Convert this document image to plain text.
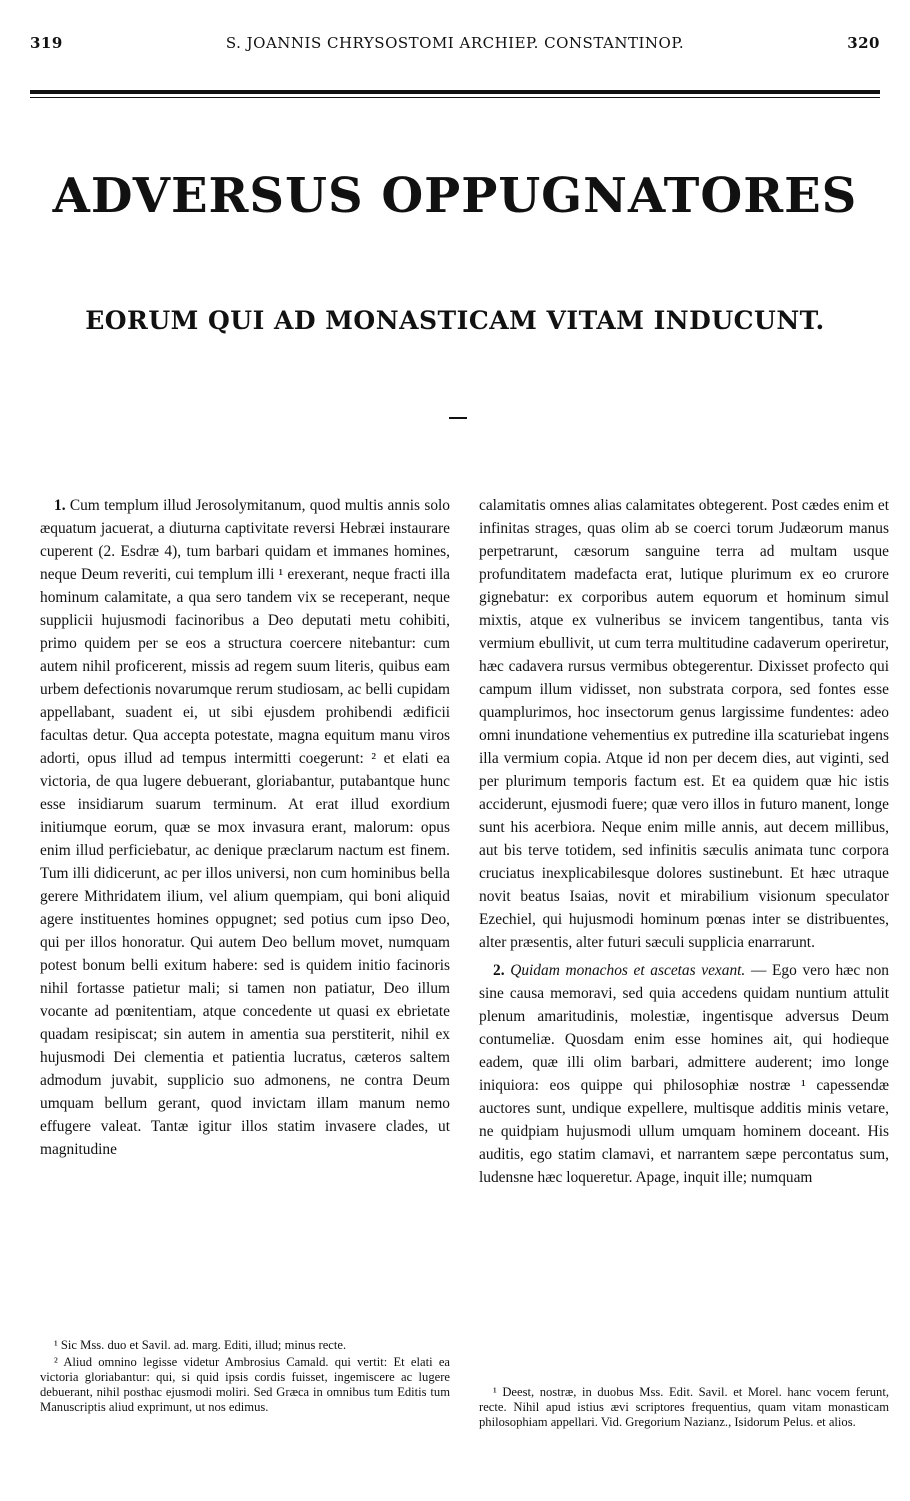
319	S. JOANNIS CHRYSOSTOMI ARCHIEP. CONSTANTINOP.	320
ADVERSUS OPPUGNATORES
EORUM QUI AD MONASTICAM VITAM INDUCUNT.

1. Cum templum illud Jerosolymitanum, quod multis annis solo æquatum jacuerat, a diuturna captivitate reversi Hebræi instaurare cuperent (2. Esdræ 4), tum barbari quidam et immanes homines, neque Deum reveriti, cui templum illi ¹ erexerant, neque fracti illa hominum calamitate, a qua sero tandem vix se receperant, neque supplicii hujusmodi facinoribus a Deo deputati metu cohibiti, primo quidem per se eos a structura coercere nitebantur: cum autem nihil proficerent, missis ad regem suum literis, quibus eam urbem defectionis novarumque rerum studiosam, ac belli cupidam appellabant, suadent ei, ut sibi ejusdem prohibendi ædificii facultas detur. Qua accepta potestate, magna equitum manu viros adorti, opus illud ad tempus intermitti coegerunt: ² et elati ea victoria, de qua lugere debuerant, gloriabantur, putabantque hunc esse insidiarum suarum terminum. At erat illud exordium initiumque eorum, quæ se mox invasura erant, malorum: opus enim illud perficiebatur, ac denique præclarum nactum est finem. Tum illi didicerunt, ac per illos universi, non cum hominibus bella gerere Mithridatem ilium, vel alium quempiam, qui boni aliquid agere instituentes homines oppugnet; sed potius cum ipso Deo, qui per illos honoratur. Qui autem Deo bellum movet, numquam potest bonum belli exitum habere: sed is quidem initio facinoris nihil fortasse patietur mali; si tamen non patiatur, Deo illum vocante ad pœnitentiam, atque concedente ut quasi ex ebrietate quadam resipiscat; sin autem in amentia sua perstiterit, nihil ex hujusmodi Dei clementia et patientia lucratus, cæteros saltem admodum juvabit, supplicio suo admonens, ne contra Deum umquam bellum gerant, quod invictam illam manum nemo effugere valeat. Tantæ igitur illos statim invasere clades, ut magnitudine

calamitatis omnes alias calamitates obtegerent. Post cædes enim et infinitas strages, quas olim ab se coerci torum Judæorum manus perpetrarunt, cæsorum sanguine terra ad multam usque profunditatem madefacta erat, lutique plurimum ex eo crurore gignebatur: ex corporibus autem equorum et hominum simul mixtis, atque ex vulneribus se invicem tangentibus, tanta vis vermium ebullivit, ut cum terra multitudine cadaverum operiretur, hæc cadavera rursus vermibus obtegerentur. Dixisset profecto qui campum illum vidisset, non substrata corpora, sed fontes esse quamplurimos, hoc insectorum genus largissime fundentes: adeo omni inundatione vehementius ex putredine illa scaturiebat ingens illa vermium copia. Atque id non per decem dies, aut viginti, sed per plurimum temporis factum est. Et ea quidem quæ hic istis acciderunt, ejusmodi fuere; quæ vero illos in futuro manent, longe sunt his acerbiora. Neque enim mille annis, aut decem millibus, aut bis terve totidem, sed infinitis sæculis animata tunc corpora cruciatus inexplicabilesque dolores sustinebunt. Et hæc utraque novit beatus Isaias, novit et mirabilium visionum speculator Ezechiel, qui hujusmodi hominum pœnas inter se distribuentes, alter præsentis, alter futuri sæculi supplicia enarrarunt.

2. Quidam monachos et ascetas vexant. — Ego vero hæc non sine causa memoravi, sed quia accedens quidam nuntium attulit plenum amaritudinis, molestiæ, ingentisque adversus Deum contumeliæ. Quosdam enim esse homines ait, qui hodieque eadem, quæ illi olim barbari, admittere auderent; imo longe iniquiora: eos quippe qui philosophiæ nostræ ¹ capessendæ auctores sunt, undique expellere, multisque additis minis vetare, ne quidpiam hujusmodi ullum umquam hominem doceant. His auditis, ego statim clamavi, et narrantem sæpe percontatus sum, ludensne hæc loqueretur. Apage, inquit ille; numquam

¹ Sic Mss. duo et Savil. ad. marg. Editi, illud; minus recte.

² Aliud omnino legisse videtur Ambrosius Camald. qui vertit: Et elati ea victoria gloriabantur: qui, si quid ipsis cordis fuisset, ingemiscere ac lugere debuerant, nihil posthac ejusmodi moliri. Sed Græca in omnibus tum Editis tum Manuscriptis aliud exprimunt, ut nos edimus.

¹ Deest, nostræ, in duobus Mss. Edit. Savil. et Morel. hanc vocem ferunt, recte. Nihil apud istius ævi scriptores frequentius, quam vitam monasticam philosophiam appellari. Vid. Gregorium Nazianz., Isidorum Pelus. et alios.
